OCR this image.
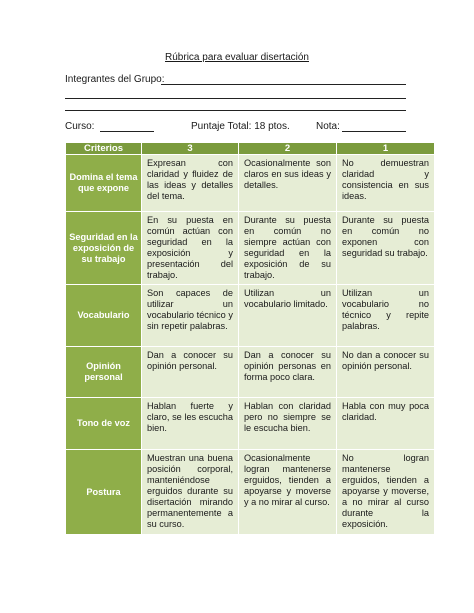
Rúbrica para evaluar disertación
Integrantes del Grupo:
Curso:	Puntaje Total: 18 ptos.	Nota:
Criterios	3	2	1
Domina el tema que expone	Expresan con claridad y fluidez de las ideas y detalles del tema.	Ocasionalmente son claros en sus ideas y detalles.	No demuestran claridad y consistencia en sus ideas.
Seguridad en la exposición de su trabajo	En su puesta en común actúan con seguridad en la exposición y presentación del trabajo.	Durante su puesta en común no siempre actúan con seguridad en la exposición de su trabajo.	Durante su puesta en común no exponen con seguridad su trabajo.
Vocabulario	Son capaces de utilizar un vocabulario técnico y sin repetir palabras.	Utilizan un vocabulario limitado.	Utilizan un vocabulario no técnico y repite palabras.
Opinión personal	Dan a conocer su opinión personal.	Dan a conocer su opinión personas en forma poco clara.	No dan a conocer su opinión personal.
Tono de voz	Hablan fuerte y claro, se les escucha bien.	Hablan con claridad pero no siempre se le escucha bien.	Habla con muy poca claridad.
Postura	Muestran una buena posición corporal, manteniéndose erguidos durante su disertación mirando permanentemente a su curso.	Ocasionalmente logran mantenerse erguidos, tienden a apoyarse y moverse y a no mirar al curso.	No logran mantenerse erguidos, tienden a apoyarse y moverse, a no mirar al curso durante la exposición.
